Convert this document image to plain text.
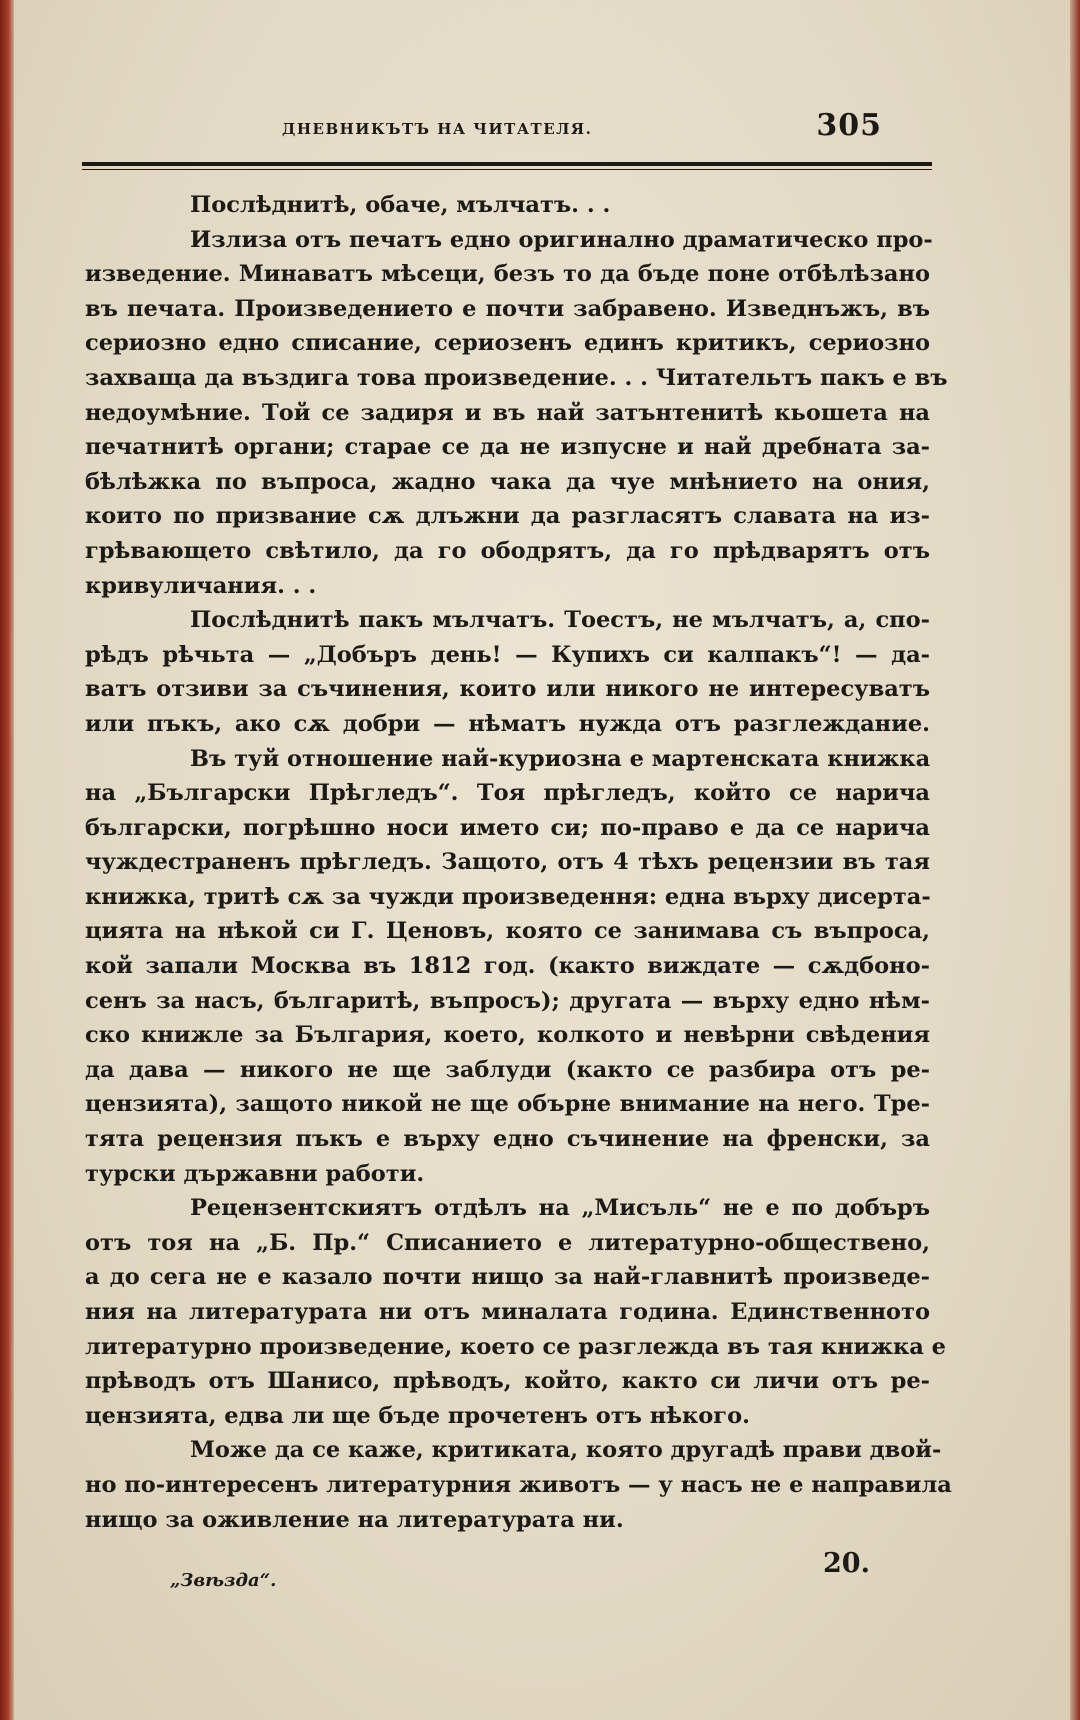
ДНЕВНИКЪТЪ НА ЧИТАТЕЛЯ.	305
Послѣднитѣ, обаче, мълчатъ. . .
Излиза отъ печатъ едно оригинално драматическо про-
изведение. Минаватъ мѣсеци, безъ то да бъде поне отбѣлѣзано
въ печата. Произведението е почти забравено. Изведнъжъ, въ
сериозно едно списание, сериозенъ единъ критикъ, сериозно
захваща да въздига това произведение. . . Читательтъ пакъ е въ
недоумѣние. Той се задиря и въ най затънтенитѣ кьошета на
печатнитѣ органи; старае се да не изпусне и най дребната за-
бѣлѣжка по въпроса, жадно чака да чуе мнѣнието на ония,
които по призвание сѫ длъжни да разгласятъ славата на из-
грѣвающето свѣтило, да го ободрятъ, да го прѣдварятъ отъ
кривуличания. . .
Послѣднитѣ пакъ мълчатъ. Тоестъ, не мълчатъ, а, спо-
рѣдъ рѣчьта — „Добъръ день! — Купихъ си калпакъ“! — да-
ватъ отзиви за съчинения, които или никого не интересуватъ
или пъкъ, ако сѫ добри — нѣматъ нужда отъ разглеждание.
Въ туй отношение най-куриозна е мартенската книжка
на „Български Прѣгледъ“. Тоя прѣгледъ, който се нарича
български, погрѣшно носи името си; по-право е да се нарича
чуждестраненъ прѣгледъ. Защото, отъ 4 тѣхъ рецензии въ тая
книжка, тритѣ сѫ за чужди произведення: една върху дисерта-
цията на нѣкой си Г. Ценовъ, която се занимава съ въпроса,
кой запали Москва въ 1812 год. (както виждате — сѫдбоно-
сенъ за насъ, българитѣ, въпросъ); другата — върху едно нѣм-
ско книжле за България, което, колкото и невѣрни свѣдения
да дава — никого не ще заблуди (както се разбира отъ ре-
цензията), защото никой не ще обърне внимание на него. Тре-
тята рецензия пъкъ е върху едно съчинение на френски, за
турски държавни работи.
Рецензентскиятъ отдѣлъ на „Мисъль“ не е по добъръ
отъ тоя на „Б. Пр.“ Списанието е литературно-обществено,
а до сега не е казало почти нищо за най-главнитѣ произведе-
ния на литературата ни отъ миналата година. Единственното
литературно произведение, което се разглежда въ тая книжка е
прѣводъ отъ Шанисо, прѣводъ, който, както си личи отъ ре-
цензията, едва ли ще бъде прочетенъ отъ нѣкого.
Може да се каже, критиката, която другадѣ прави двой-
но по-интересенъ литературния животъ — у насъ не е направила
нищо за оживление на литературата ни.
„Звѣзда“.
20.
